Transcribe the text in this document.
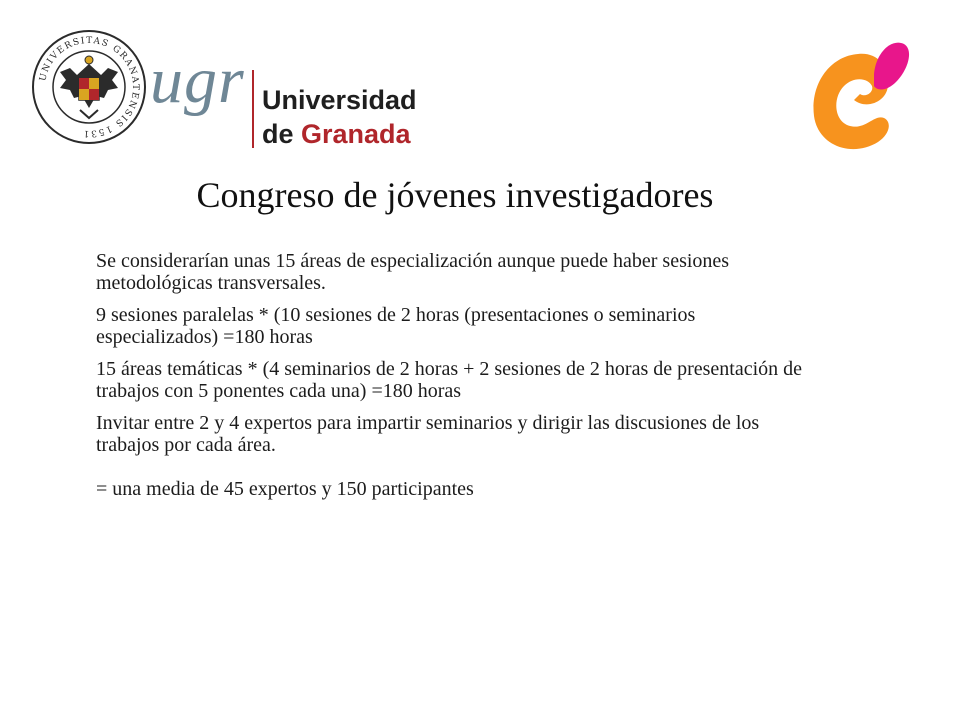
UNIVERSITAS GRANATENSIS 1531
ugr Universidad
de Granada
Congreso de jóvenes investigadores

Se considerarían unas 15 áreas de especialización aunque puede haber sesiones metodológicas transversales.

9 sesiones paralelas * (10 sesiones de 2 horas (presentaciones o seminarios especializados) =180 horas

15 áreas temáticas * (4 seminarios de 2 horas + 2 sesiones de 2 horas de presentación de trabajos con 5 ponentes cada una) =180 horas

Invitar entre 2 y 4 expertos para impartir seminarios y dirigir las discusiones de los trabajos por cada área.

= una media de 45 expertos y 150 participantes
